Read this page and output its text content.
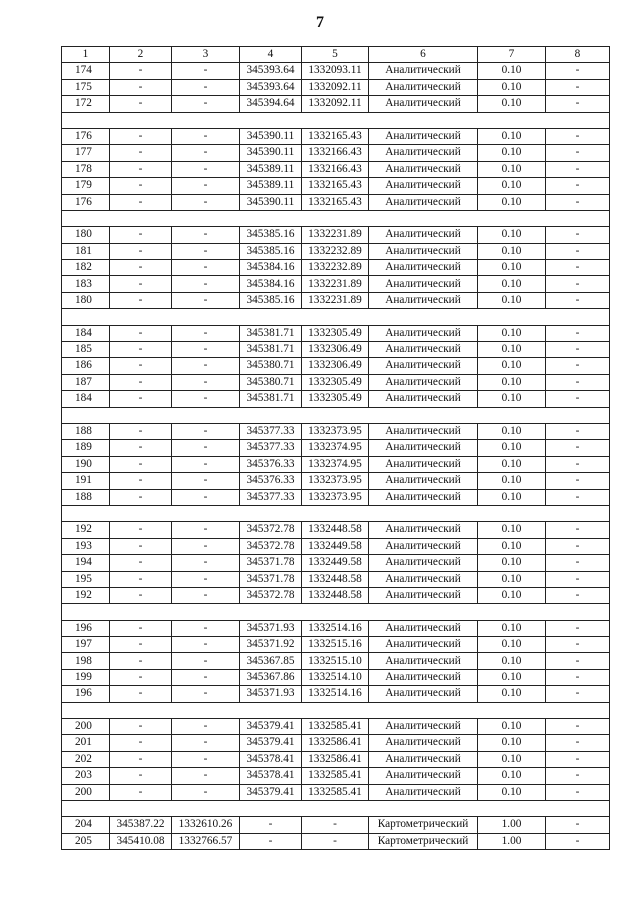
7
1	2	3	4	5	6	7	8
174	-	-	345393.64	1332093.11	Аналитический	0.10	-
175	-	-	345393.64	1332092.11	Аналитический	0.10	-
172	-	-	345394.64	1332092.11	Аналитический	0.10	-

176	-	-	345390.11	1332165.43	Аналитический	0.10	-
177	-	-	345390.11	1332166.43	Аналитический	0.10	-
178	-	-	345389.11	1332166.43	Аналитический	0.10	-
179	-	-	345389.11	1332165.43	Аналитический	0.10	-
176	-	-	345390.11	1332165.43	Аналитический	0.10	-

180	-	-	345385.16	1332231.89	Аналитический	0.10	-
181	-	-	345385.16	1332232.89	Аналитический	0.10	-
182	-	-	345384.16	1332232.89	Аналитический	0.10	-
183	-	-	345384.16	1332231.89	Аналитический	0.10	-
180	-	-	345385.16	1332231.89	Аналитический	0.10	-

184	-	-	345381.71	1332305.49	Аналитический	0.10	-
185	-	-	345381.71	1332306.49	Аналитический	0.10	-
186	-	-	345380.71	1332306.49	Аналитический	0.10	-
187	-	-	345380.71	1332305.49	Аналитический	0.10	-
184	-	-	345381.71	1332305.49	Аналитический	0.10	-

188	-	-	345377.33	1332373.95	Аналитический	0.10	-
189	-	-	345377.33	1332374.95	Аналитический	0.10	-
190	-	-	345376.33	1332374.95	Аналитический	0.10	-
191	-	-	345376.33	1332373.95	Аналитический	0.10	-
188	-	-	345377.33	1332373.95	Аналитический	0.10	-

192	-	-	345372.78	1332448.58	Аналитический	0.10	-
193	-	-	345372.78	1332449.58	Аналитический	0.10	-
194	-	-	345371.78	1332449.58	Аналитический	0.10	-
195	-	-	345371.78	1332448.58	Аналитический	0.10	-
192	-	-	345372.78	1332448.58	Аналитический	0.10	-

196	-	-	345371.93	1332514.16	Аналитический	0.10	-
197	-	-	345371.92	1332515.16	Аналитический	0.10	-
198	-	-	345367.85	1332515.10	Аналитический	0.10	-
199	-	-	345367.86	1332514.10	Аналитический	0.10	-
196	-	-	345371.93	1332514.16	Аналитический	0.10	-

200	-	-	345379.41	1332585.41	Аналитический	0.10	-
201	-	-	345379.41	1332586.41	Аналитический	0.10	-
202	-	-	345378.41	1332586.41	Аналитический	0.10	-
203	-	-	345378.41	1332585.41	Аналитический	0.10	-
200	-	-	345379.41	1332585.41	Аналитический	0.10	-

204	345387.22	1332610.26	-	-	Картометрический	1.00	-
205	345410.08	1332766.57	-	-	Картометрический	1.00	-
